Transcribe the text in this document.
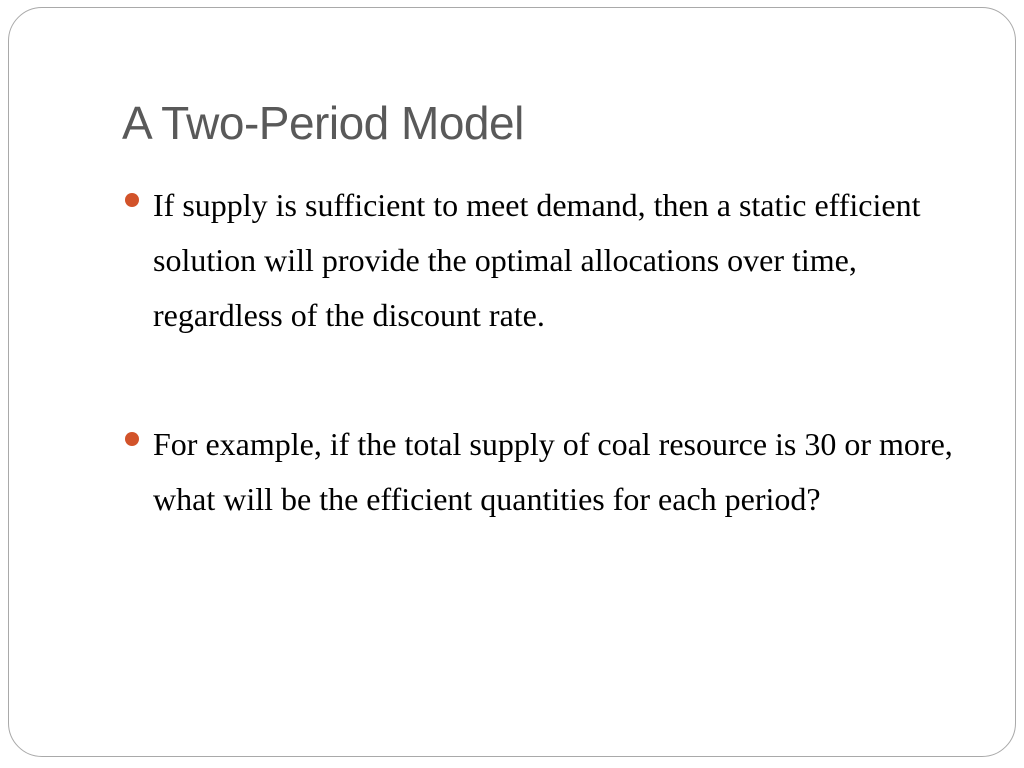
A Two-Period Model
If supply is sufficient to meet demand, then a static efficient solution will provide the optimal allocations over time, regardless of the discount rate.
For example, if the total supply of coal resource is 30 or more, what will be the efficient quantities for each period?
